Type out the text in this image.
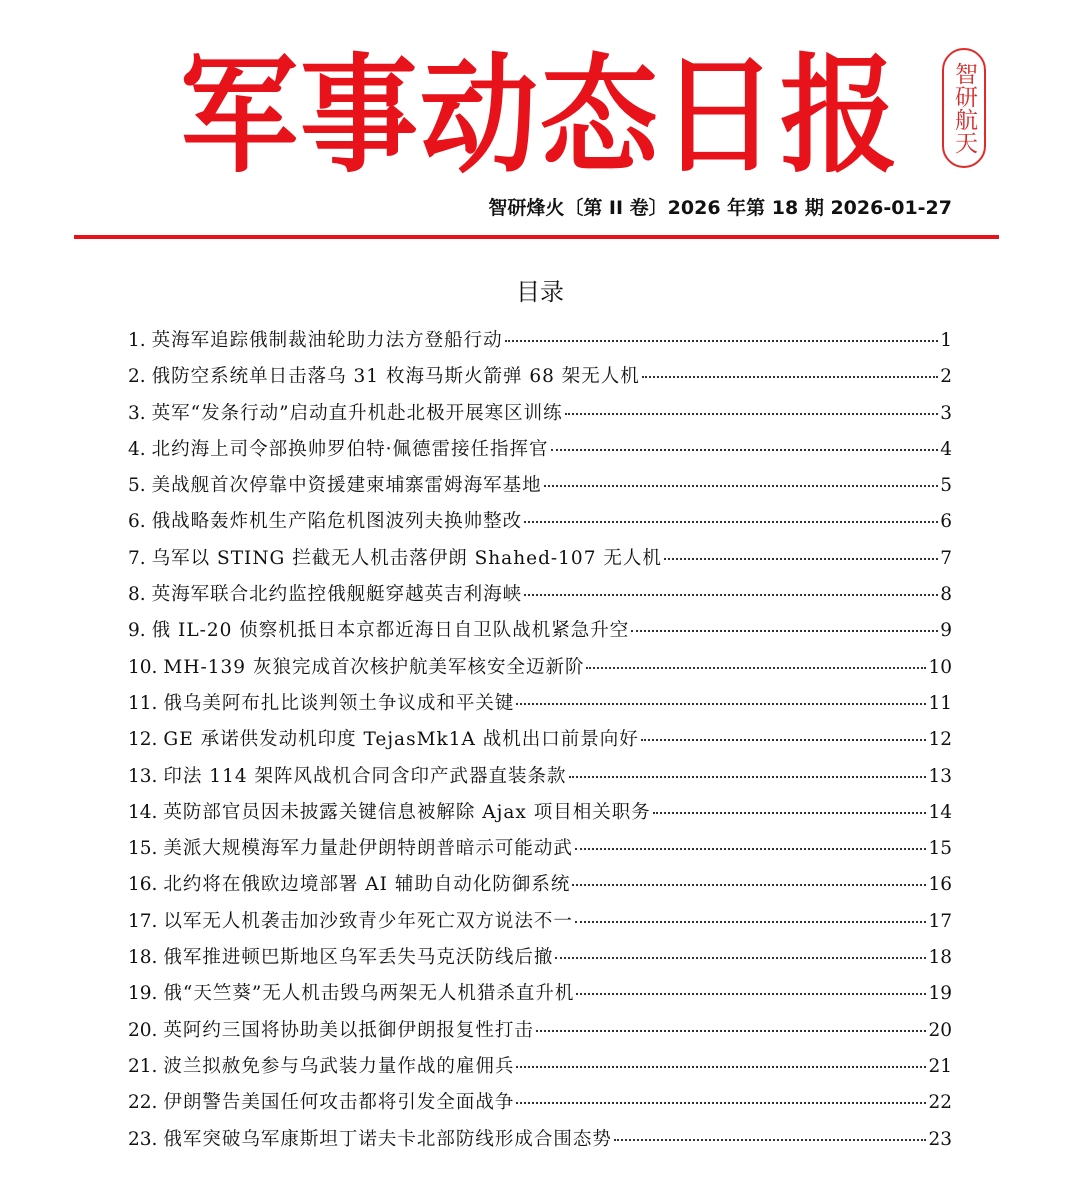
军事动态日报	智研航天
智研烽火〔第 II 卷〕2026 年第 18 期 2026-01-27
目录
1. 英海军追踪俄制裁油轮助力法方登船行动	1
2. 俄防空系统单日击落乌 31 枚海马斯火箭弹 68 架无人机	2
3. 英军“发条行动”启动直升机赴北极开展寒区训练	3
4. 北约海上司令部换帅罗伯特·佩德雷接任指挥官	4
5. 美战舰首次停靠中资援建柬埔寨雷姆海军基地	5
6. 俄战略轰炸机生产陷危机图波列夫换帅整改	6
7. 乌军以 STING 拦截无人机击落伊朗 Shahed-107 无人机	7
8. 英海军联合北约监控俄舰艇穿越英吉利海峡	8
9. 俄 IL-20 侦察机抵日本京都近海日自卫队战机紧急升空	9
10. MH-139 灰狼完成首次核护航美军核安全迈新阶	10
11. 俄乌美阿布扎比谈判领土争议成和平关键	11
12. GE 承诺供发动机印度 TejasMk1A 战机出口前景向好	12
13. 印法 114 架阵风战机合同含印产武器直装条款	13
14. 英防部官员因未披露关键信息被解除 Ajax 项目相关职务	14
15. 美派大规模海军力量赴伊朗特朗普暗示可能动武	15
16. 北约将在俄欧边境部署 AI 辅助自动化防御系统	16
17. 以军无人机袭击加沙致青少年死亡双方说法不一	17
18. 俄军推进顿巴斯地区乌军丢失马克沃防线后撤	18
19. 俄“天竺葵”无人机击毁乌两架无人机猎杀直升机	19
20. 英阿约三国将协助美以抵御伊朗报复性打击	20
21. 波兰拟赦免参与乌武装力量作战的雇佣兵	21
22. 伊朗警告美国任何攻击都将引发全面战争	22
23. 俄军突破乌军康斯坦丁诺夫卡北部防线形成合围态势	23
